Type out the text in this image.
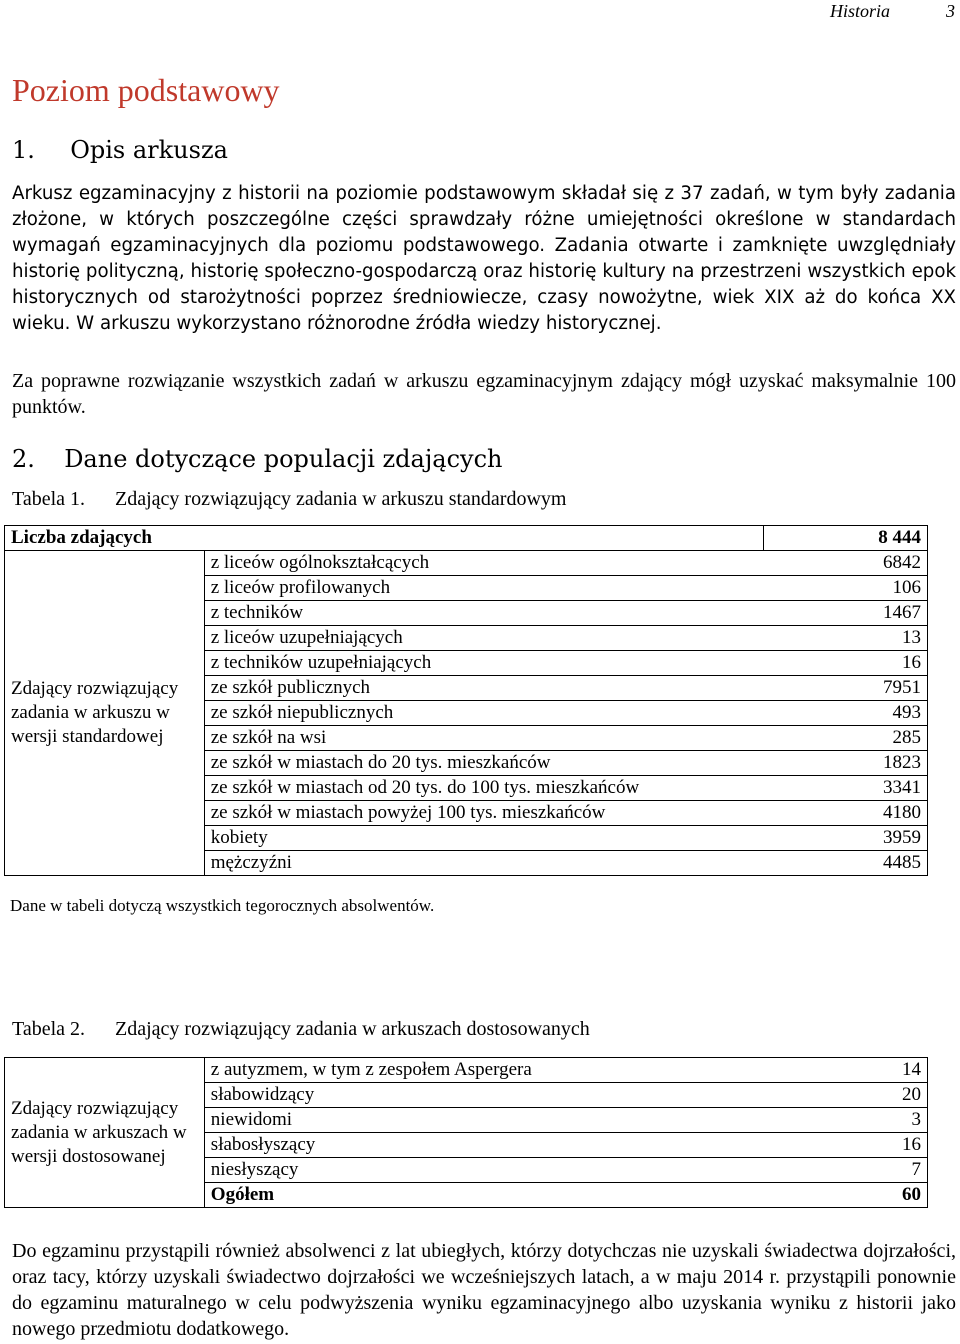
Historia	3
Poziom podstawowy
1. Opis arkusza
Arkusz egzaminacyjny z historii na poziomie podstawowym składał się z 37 zadań, w tym były zadania złożone, w których poszczególne części sprawdzały różne umiejętności określone w standardach wymagań egzaminacyjnych dla poziomu podstawowego. Zadania otwarte i zamknięte uwzględniały historię polityczną, historię społeczno-gospodarczą oraz historię kultury na przestrzeni wszystkich epok historycznych od starożytności poprzez średniowiecze, czasy nowożytne, wiek XIX aż do końca XX wieku. W arkuszu wykorzystano różnorodne źródła wiedzy historycznej.
Za poprawne rozwiązanie wszystkich zadań w arkuszu egzaminacyjnym zdający mógł uzyskać maksymalnie 100 punktów.
2. Dane dotyczące populacji zdających
Tabela 1. Zdający rozwiązujący zadania w arkuszu standardowym
Liczba zdających		8 444
Zdający rozwiązujący zadania w arkuszu w wersji standardowej	z liceów ogólnokształcących	6842
	z liceów profilowanych	106
	z techników	1467
	z liceów uzupełniających	13
	z techników uzupełniających	16
	ze szkół publicznych	7951
	ze szkół niepublicznych	493
	ze szkół na wsi	285
	ze szkół w miastach do 20 tys. mieszkańców	1823
	ze szkół w miastach od 20 tys. do 100 tys. mieszkańców	3341
	ze szkół w miastach powyżej 100 tys. mieszkańców	4180
	kobiety	3959
	mężczyźni	4485
Dane w tabeli dotyczą wszystkich tegorocznych absolwentów.
Tabela 2. Zdający rozwiązujący zadania w arkuszach dostosowanych
Zdający rozwiązujący zadania w arkuszach w wersji dostosowanej	z autyzmem, w tym z zespołem Aspergera	14
	słabowidzący	20
	niewidomi	3
	słabosłyszący	16
	niesłyszący	7
	Ogółem	60
Do egzaminu przystąpili również absolwenci z lat ubiegłych, którzy dotychczas nie uzyskali świadectwa dojrzałości, oraz tacy, którzy uzyskali świadectwo dojrzałości we wcześniejszych latach, a w maju 2014 r. przystąpili ponownie do egzaminu maturalnego w celu podwyższenia wyniku egzaminacyjnego albo uzyskania wyniku z historii jako nowego przedmiotu dodatkowego.
